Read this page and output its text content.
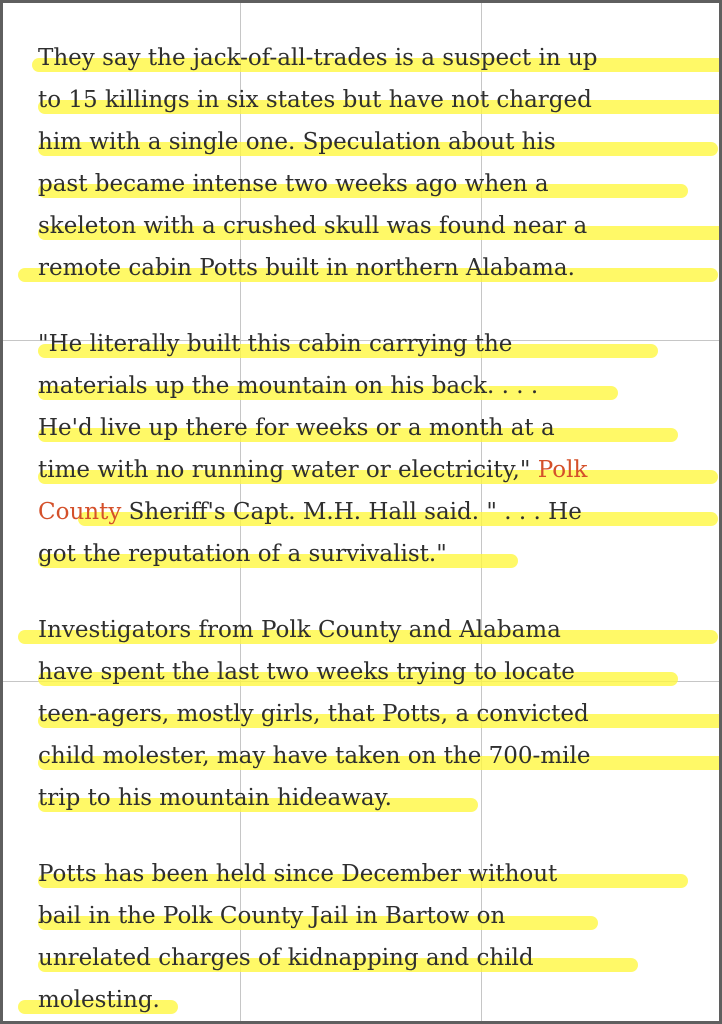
They say the jack-of-all-trades is a suspect in up
to 15 killings in six states but have not charged
him with a single one. Speculation about his
past became intense two weeks ago when a
skeleton with a crushed skull was found near a
remote cabin Potts built in northern Alabama.
"He literally built this cabin carrying the
materials up the mountain on his back. . . .
He'd live up there for weeks or a month at a
time with no running water or electricity," Polk
County Sheriff's Capt. M.H. Hall said. " . . . He
got the reputation of a survivalist."
Investigators from Polk County and Alabama
have spent the last two weeks trying to locate
teen-agers, mostly girls, that Potts, a convicted
child molester, may have taken on the 700-mile
trip to his mountain hideaway.
Potts has been held since December without
bail in the Polk County Jail in Bartow on
unrelated charges of kidnapping and child
molesting.
